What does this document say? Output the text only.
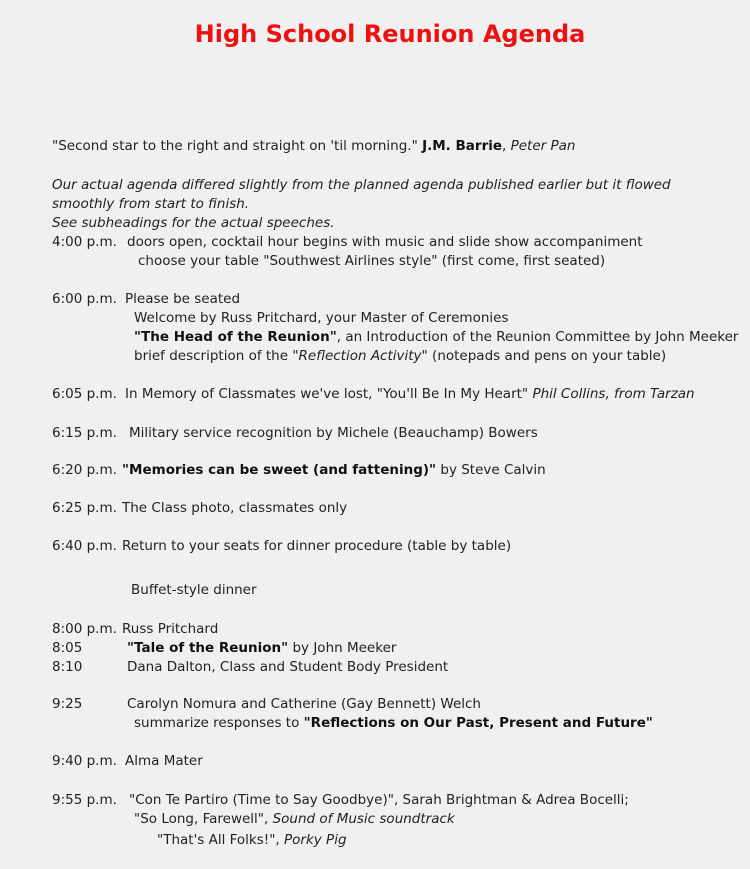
High School Reunion Agenda
"Second star to the right and straight on 'til morning." J.M. Barrie, Peter Pan
Our actual agenda differed slightly from the planned agenda published earlier but it flowed
smoothly from start to finish.
See subheadings for the actual speeches.
4:00 p.m. doors open, cocktail hour begins with music and slide show accompaniment
choose your table "Southwest Airlines style" (first come, first seated)
6:00 p.m. Please be seated
Welcome by Russ Pritchard, your Master of Ceremonies
"The Head of the Reunion", an Introduction of the Reunion Committee by John Meeker
brief description of the "Reflection Activity" (notepads and pens on your table)
6:05 p.m. In Memory of Classmates we've lost, "You'll Be In My Heart" Phil Collins, from Tarzan
6:15 p.m. Military service recognition by Michele (Beauchamp) Bowers
6:20 p.m. "Memories can be sweet (and fattening)" by Steve Calvin
6:25 p.m. The Class photo, classmates only
6:40 p.m. Return to your seats for dinner procedure (table by table)
Buffet-style dinner
8:00 p.m. Russ Pritchard
8:05	"Tale of the Reunion" by John Meeker
8:10	Dana Dalton, Class and Student Body President
9:25	Carolyn Nomura and Catherine (Gay Bennett) Welch
summarize responses to "Reflections on Our Past, Present and Future"
9:40 p.m. Alma Mater
9:55 p.m. "Con Te Partiro (Time to Say Goodbye)", Sarah Brightman & Adrea Bocelli;
"So Long, Farewell", Sound of Music soundtrack
"That's All Folks!", Porky Pig
